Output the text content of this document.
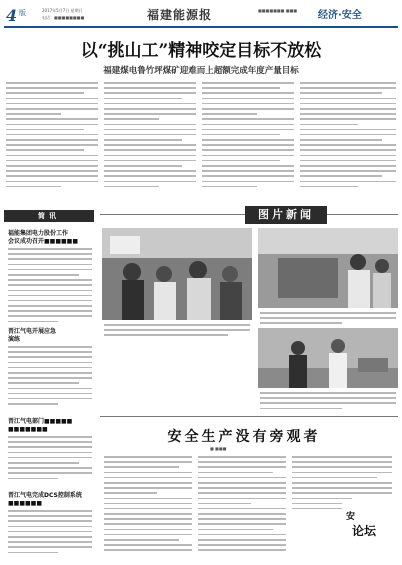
4 版	2017年5月7日 星期日
电话：■■■■■■■■	福建能源报	■■■■■■■ ■■■ 经济·安全
以“挑山工”精神咬定目标不放松
福建煤电鲁竹坪煤矿迎难而上超额完成年度产量目标
简讯
福能集团电力股份工作
会议成功召开■■■■■■
晋江气电开展应急
演练
晋江气电部门■■■■■
■■■■■■■
晋江气电完成DCS控制系统
■■■■■■
图片新闻
安全生产没有旁观者
■ ■■■
安
论坛
